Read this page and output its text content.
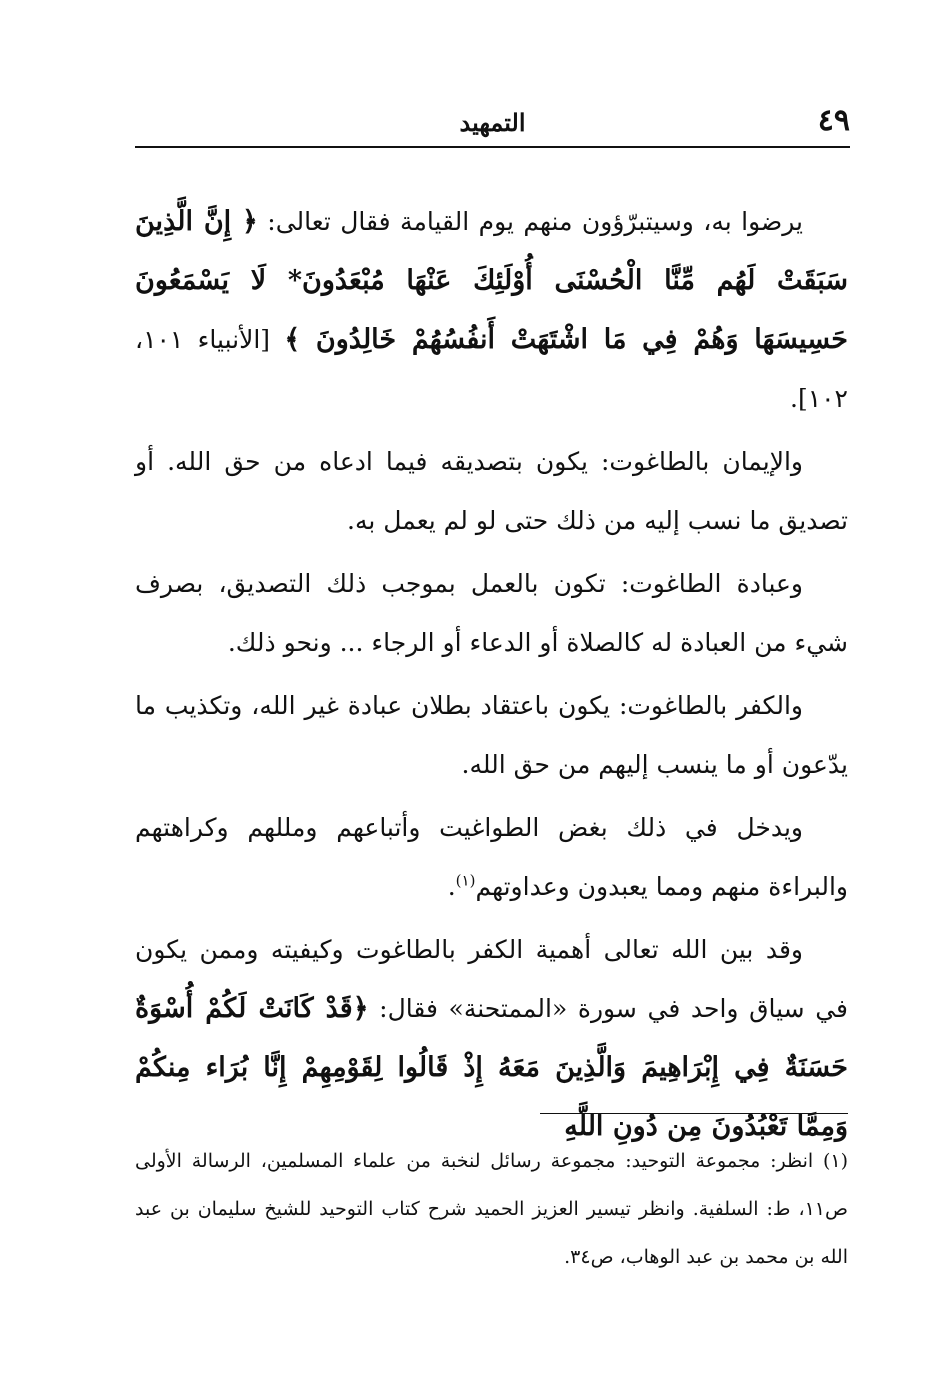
٤٩
التمهيد

يرضوا به، وسيتبرّؤون منهم يوم القيامة فقال تعالى: ﴿ إِنَّ الَّذِينَ سَبَقَتْ لَهُم مِّنَّا الْحُسْنَى أُوْلَئِكَ عَنْهَا مُبْعَدُونَ* لَا يَسْمَعُونَ حَسِيسَهَا وَهُمْ فِي مَا اشْتَهَتْ أَنفُسُهُمْ خَالِدُونَ ﴾ [الأنبياء ١٠١، ١٠٢].

والإيمان بالطاغوت: يكون بتصديقه فيما ادعاه من حق الله. أو تصديق ما نسب إليه من ذلك حتى لو لم يعمل به.

وعبادة الطاغوت: تكون بالعمل بموجب ذلك التصديق، بصرف شيء من العبادة له كالصلاة أو الدعاء أو الرجاء ... ونحو ذلك.

والكفر بالطاغوت: يكون باعتقاد بطلان عبادة غير الله، وتكذيب ما يدّعون أو ما ينسب إليهم من حق الله.

ويدخل في ذلك بغض الطواغيت وأتباعهم ومللهم وكراهتهم والبراءة منهم ومما يعبدون وعداوتهم$^{(١)}$.

وقد بين الله تعالى أهمية الكفر بالطاغوت وكيفيته وممن يكون في سياق واحد في سورة «الممتحنة» فقال: ﴿قَدْ كَانَتْ لَكُمْ أُسْوَةٌ حَسَنَةٌ فِي إِبْرَاهِيمَ وَالَّذِينَ مَعَهُ إِذْ قَالُوا لِقَوْمِهِمْ إِنَّا بُرَاء مِنكُمْ وَمِمَّا تَعْبُدُونَ مِن دُونِ اللَّهِ

(١) انظر: مجموعة التوحيد: مجموعة رسائل لنخبة من علماء المسلمين، الرسالة الأولى ص١١، ط: السلفية. وانظر تيسير العزيز الحميد شرح كتاب التوحيد للشيخ سليمان بن عبد الله بن محمد بن عبد الوهاب، ص٣٤.
